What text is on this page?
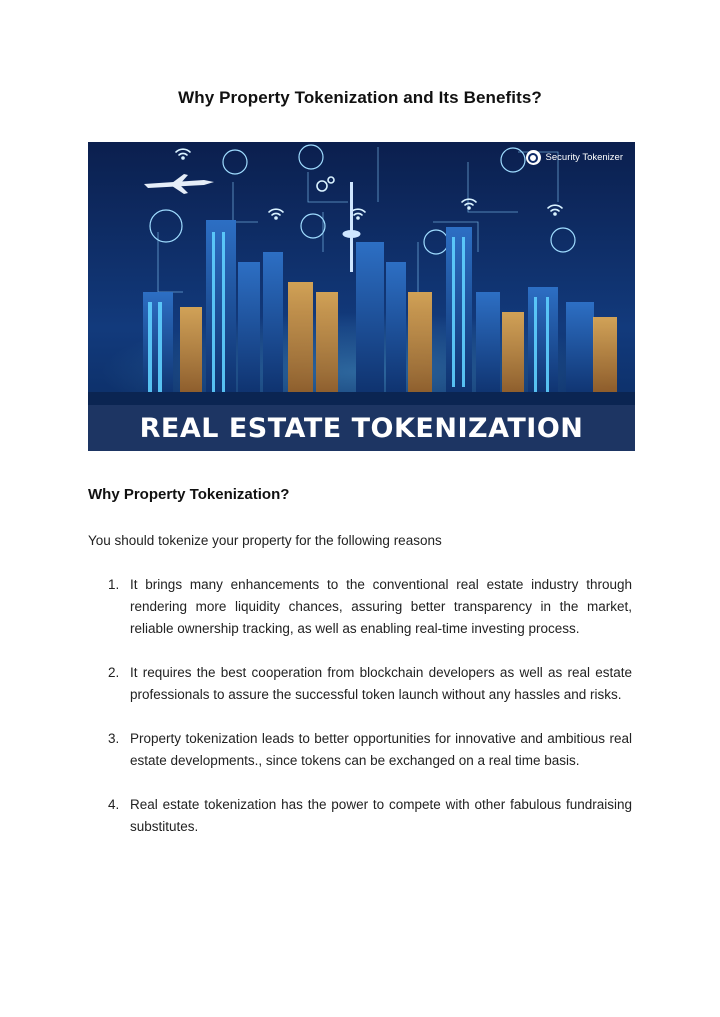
Why Property Tokenization and Its Benefits?
Security Tokenizer
REAL ESTATE TOKENIZATION
Why Property Tokenization?
You should tokenize your property for the following reasons
1. It brings many enhancements to the conventional real estate industry through rendering more liquidity chances, assuring better transparency in the market, reliable ownership tracking, as well as enabling real-time investing process.
2. It requires the best cooperation from blockchain developers as well as real estate professionals to assure the successful token launch without any hassles and risks.
3. Property tokenization leads to better opportunities for innovative and ambitious real estate developments., since tokens can be exchanged on a real time basis.
4. Real estate tokenization has the power to compete with other fabulous fundraising substitutes.
